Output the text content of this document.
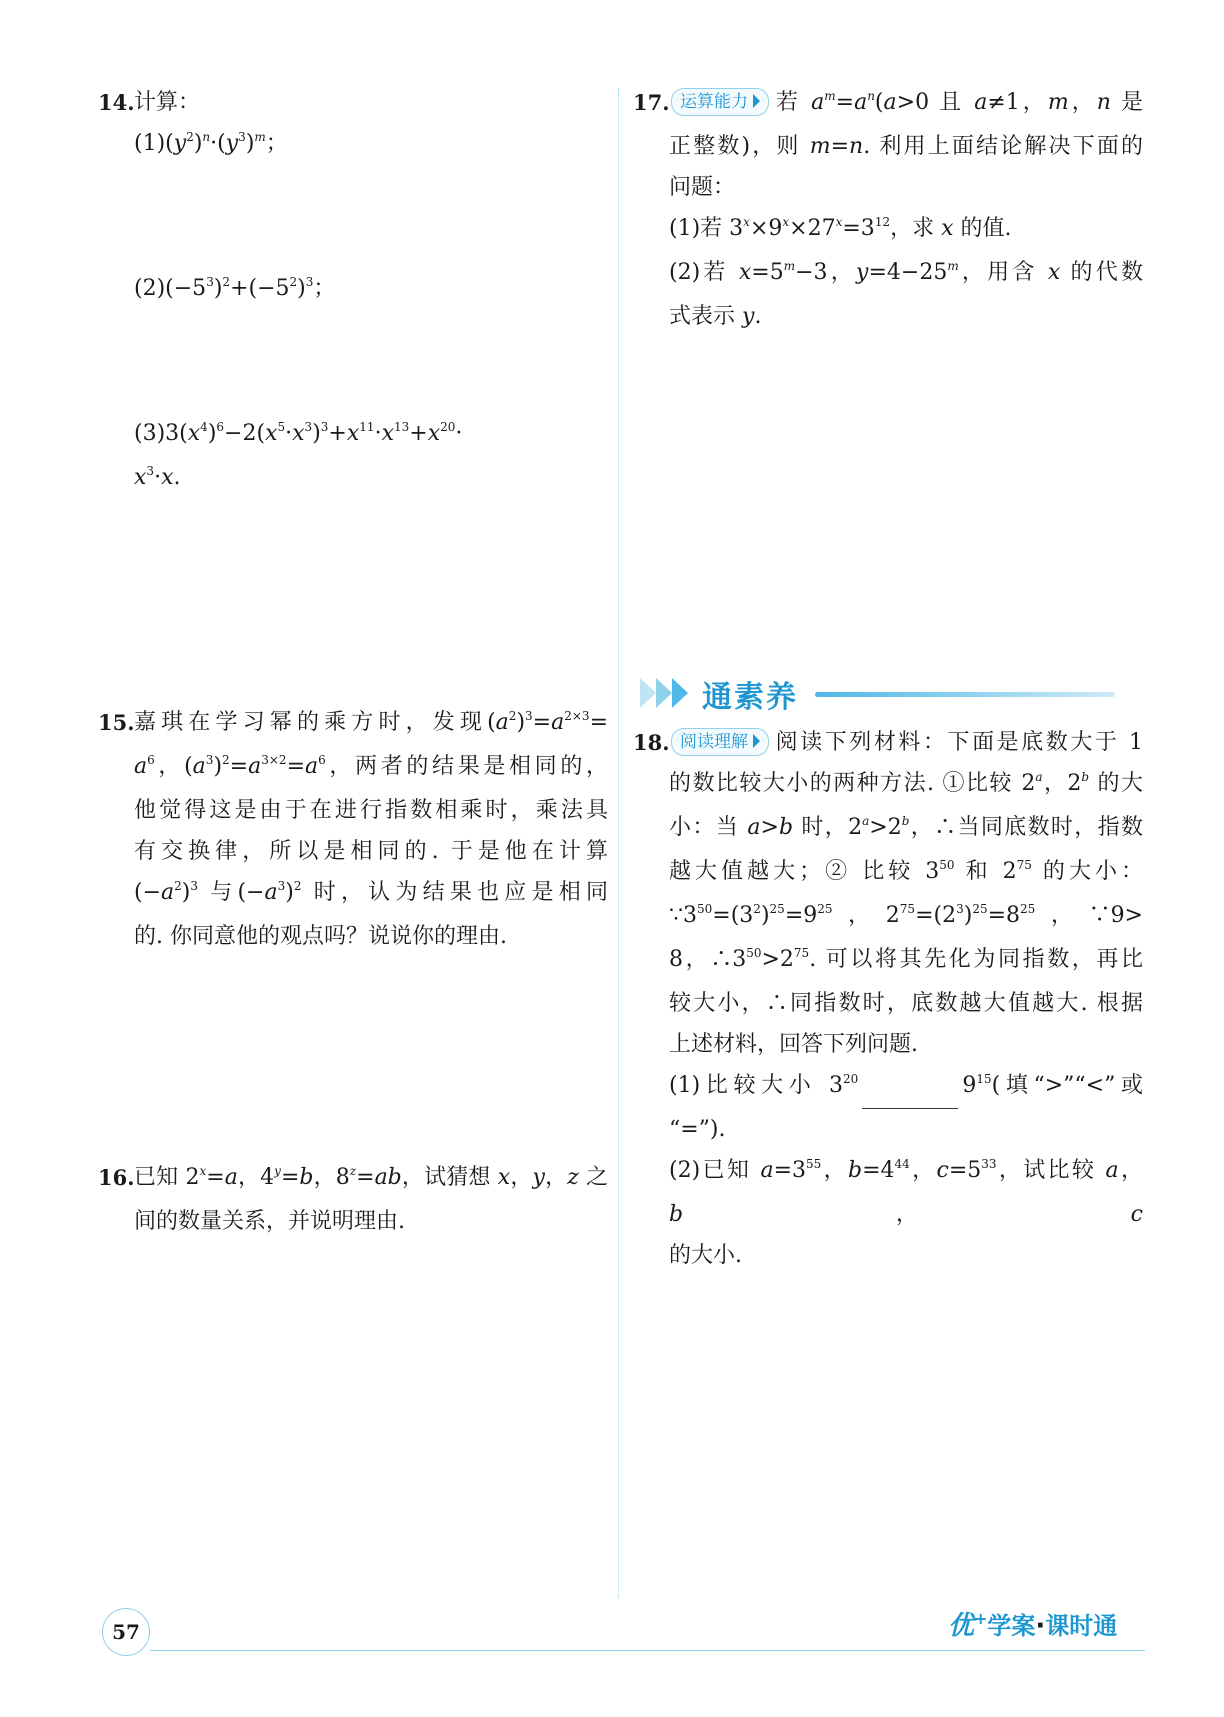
14. 计算：
$(1)(y^2)^n\cdot(y^3)^m$；
$(2)(-5^3)^2+(-5^2)^3$；
$(3)3(x^4)^6-2(x^5\cdot x^3)^3+x^{11}\cdot x^{13}+x^{20}\cdot$
$x^3\cdot x$.
15. 嘉琪在学习幂的乘方时，发现$(a^2)^3=a^{2\times 3}=$
$a^6$，$(a^3)^2=a^{3\times 2}=a^6$，两者的结果是相同的，
他觉得这是由于在进行指数相乘时，乘法具
有交换律，所以是相同的. 于是他在计算
$(-a^2)^3$ 与$(-a^3)^2$ 时，认为结果也应是相同
的. 你同意他的观点吗？说说你的理由.
16. 已知 $2^x=a$，$4^y=b$，$8^z=ab$，试猜想 x，y，z 之
间的数量关系，并说明理由.
17. 运算能力 若 $a^m=a^n(a>0$ 且 a≠1，m，n 是
正整数)，则 m=n. 利用上面结论解决下面的
问题：
(1)若 $3^x\times 9^x\times 27^x=3^{12}$，求 x 的值.
(2)若 $x=5^m-3$，$y=4-25^m$，用含 x 的代数
式表示 y.
18. 阅读理解 阅读下列材料：下面是底数大于 1
的数比较大小的两种方法. ①比较 2$^a$，2$^b$ 的大
小：当 a>b 时，$2^a>2^b$，∴当同底数时，指数
越大值越大；② 比较 $3^{50}$ 和 $2^{75}$ 的大小：
$\because 3^{50}=(3^2)^{25}=9^{25}$，$2^{75}=(2^3)^{25}=8^{25}$，∵9>
8，$\therefore 3^{50}>2^{75}$. 可以将其先化为同指数，再比
较大小，∴同指数时，底数越大值越大. 根据
上述材料，回答下列问题.
(1)比较大小 $3^{20}$	$9^{15}$(填“>”“<”或
“=”).
(2)已知 $a=3^{55}$，$b=4^{44}$，$c=5^{33}$，试比较 a，b，c
的大小.
通素养
57	优+学案·课时通
